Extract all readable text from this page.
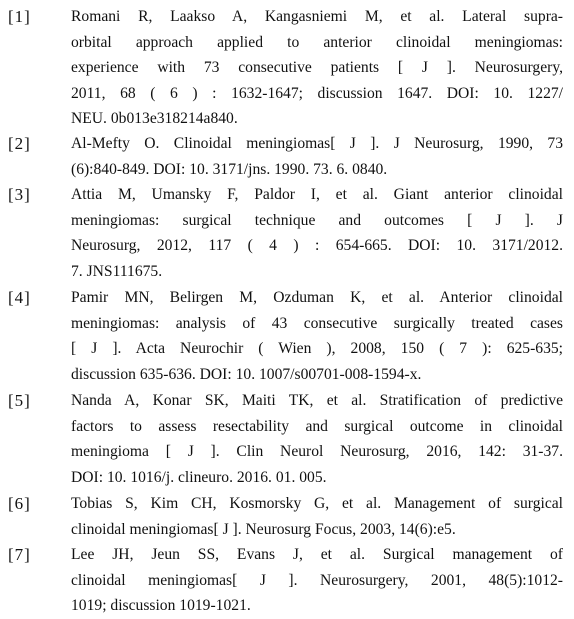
[1]	Romani R, Laakso A, Kangasniemi M, et al. Lateral supra-
orbital approach applied to anterior clinoidal meningiomas:
experience with 73 consecutive patients [ J ]. Neurosurgery,
2011, 68 ( 6 ) : 1632-1647; discussion 1647. DOI: 10. 1227/
NEU. 0b013e318214a840.
[2]	Al-Mefty O. Clinoidal meningiomas[ J ]. J Neurosurg, 1990, 73
(6):840-849. DOI: 10. 3171/jns. 1990. 73. 6. 0840.
[3]	Attia M, Umansky F, Paldor I, et al. Giant anterior clinoidal
meningiomas: surgical technique and outcomes [ J ]. J
Neurosurg, 2012, 117 ( 4 ) : 654-665. DOI: 10. 3171/2012.
7. JNS111675.
[4]	Pamir MN, Belirgen M, Ozduman K, et al. Anterior clinoidal
meningiomas: analysis of 43 consecutive surgically treated cases
[ J ]. Acta Neurochir ( Wien ), 2008, 150 ( 7 ): 625-635;
discussion 635-636. DOI: 10. 1007/s00701-008-1594-x.
[5]	Nanda A, Konar SK, Maiti TK, et al. Stratification of predictive
factors to assess resectability and surgical outcome in clinoidal
meningioma [ J ]. Clin Neurol Neurosurg, 2016, 142: 31-37.
DOI: 10. 1016/j. clineuro. 2016. 01. 005.
[6]	Tobias S, Kim CH, Kosmorsky G, et al. Management of surgical
clinoidal meningiomas[ J ]. Neurosurg Focus, 2003, 14(6):e5.
[7]	Lee JH, Jeun SS, Evans J, et al. Surgical management of
clinoidal meningiomas[ J ]. Neurosurgery, 2001, 48(5):1012-
1019; discussion 1019-1021.
